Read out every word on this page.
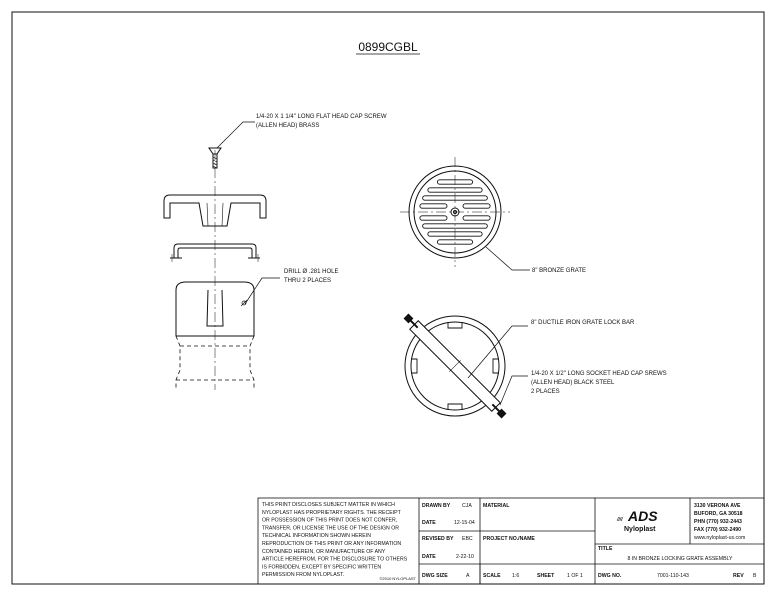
0899CGBL
1/4-20 X 1 1/4" LONG FLAT HEAD CAP SCREW
(ALLEN HEAD) BRASS
DRILL Ø .281 HOLE
THRU 2 PLACES
8" BRONZE GRATE
8" DUCTILE IRON GRATE LOCK BAR
1/4-20 X 1/2" LONG SOCKET HEAD CAP SREWS
(ALLEN HEAD) BLACK STEEL
2 PLACES
THIS PRINT DISCLOSES SUBJECT MATTER IN WHICH
NYLOPLAST HAS PROPRIETARY RIGHTS. THE RECEIPT
OR POSSESSION OF THIS PRINT DOES NOT CONFER,
TRANSFER, OR LICENSE THE USE OF THE DESIGN OR
TECHNICAL INFORMATION SHOWN HEREIN
REPRODUCTION OF THIS PRINT OR ANY INFORMATION
CONTAINED HEREIN, OR MANUFACTURE OF ANY
ARTICLE HEREFROM, FOR THE DISCLOSURE TO OTHERS
IS FORBIDDEN, EXCEPT BY SPECIFIC WRITTEN
PERMISSION FROM NYLOPLAST.
©2010 NYLOPLAST
DRAWN BY CJA
DATE	12-15-04
REVISED BY EBC
DATE	2-22-10
DWG SIZE	A
MATERIAL
PROJECT NO./NAME
SCALE 1:6	SHEET 1 OF 1
//// ADS
Nyloplast
3130 VERONA AVE
BUFORD, GA 30518
PHN (770) 932-2443
FAX (770) 932-2490
www.nyloplast-us.com
TITLE
8 IN BRONZE LOCKING GRATE ASSEMBLY
DWG NO.	7001-110-143	REV B
